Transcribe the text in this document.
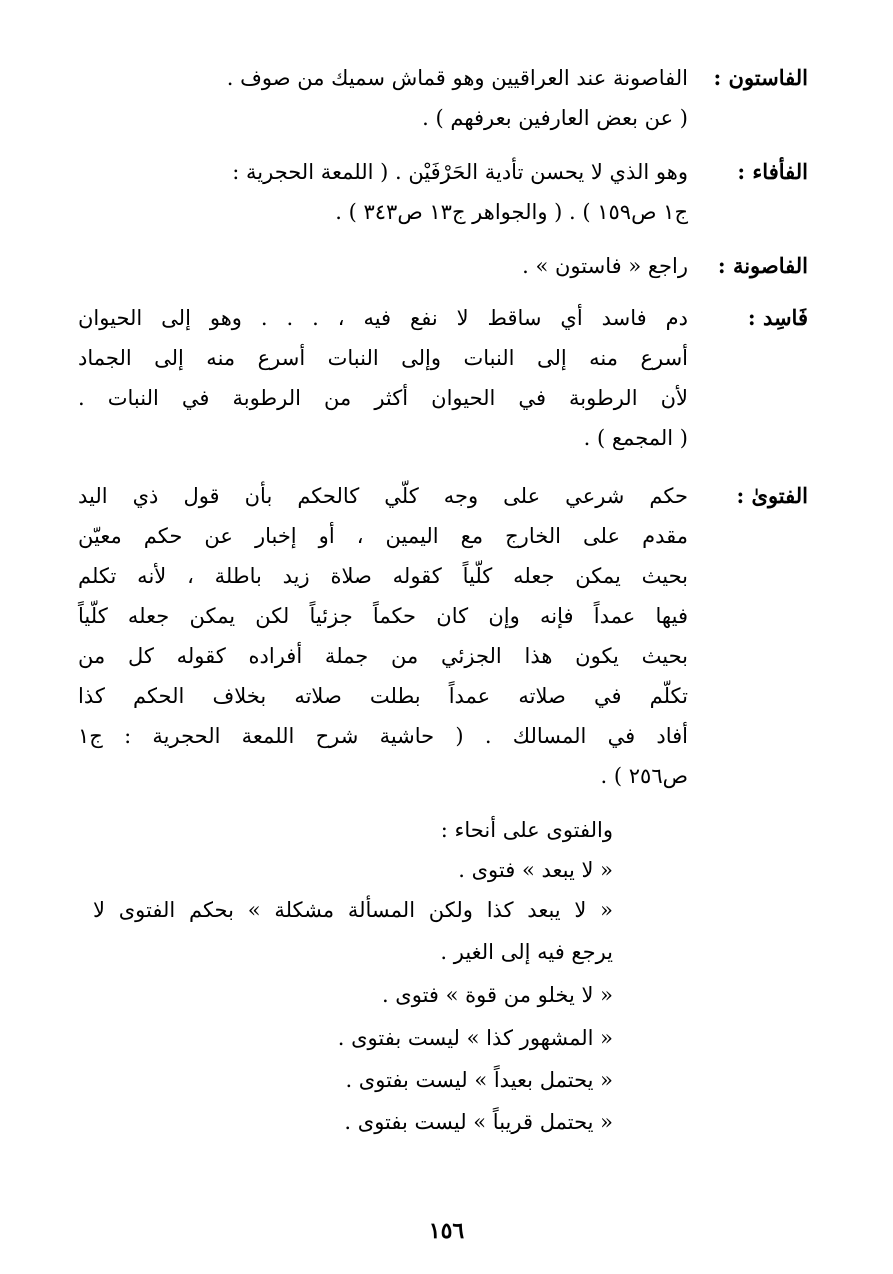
الفاستون :
الفاصونة عند العراقيين وهو قماش سميك من صوف .
( عن بعض العارفين بعرفهم ) .
الفأفاء :
وهو الذي لا يحسن تأدية الحَرْفَيْن . ( اللمعة الحجرية :
ج١ ص١٥٩ ) . ( والجواهر ج١٣ ص٣٤٣ ) .
الفاصونة :
راجع « فاستون » .
فَاسِد :
دم فاسد أي ساقط لا نفع فيه ، . . . وهو إلى الحيوان
أسرع منه إلى النبات وإلى النبات أسرع منه إلى الجماد
لأن الرطوبة في الحيوان أكثر من الرطوبة في النبات .
( المجمع ) .
الفتوىٰ :
حكم شرعي على وجه كلّي كالحكم بأن قول ذي اليد
مقدم على الخارج مع اليمين ، أو إخبار عن حكم معيّن
بحيث يمكن جعله كلّياً كقوله صلاة زيد باطلة ، لأنه تكلم
فيها عمداً فإنه وإن كان حكماً جزئياً لكن يمكن جعله كلّياً
بحيث يكون هذا الجزئي من جملة أفراده كقوله كل من
تكلّم في صلاته عمداً بطلت صلاته بخلاف الحكم كذا
أفاد في المسالك . ( حاشية شرح اللمعة الحجرية : ج١
ص٢٥٦ ) .
والفتوى على أنحاء :
« لا يبعد » فتوى .
« لا يبعد كذا ولكن المسألة مشكلة » بحكم الفتوى لا
يرجع فيه إلى الغير .
« لا يخلو من قوة » فتوى .
« المشهور كذا » ليست بفتوى .
« يحتمل بعيداً » ليست بفتوى .
« يحتمل قريباً » ليست بفتوى .
١٥٦
